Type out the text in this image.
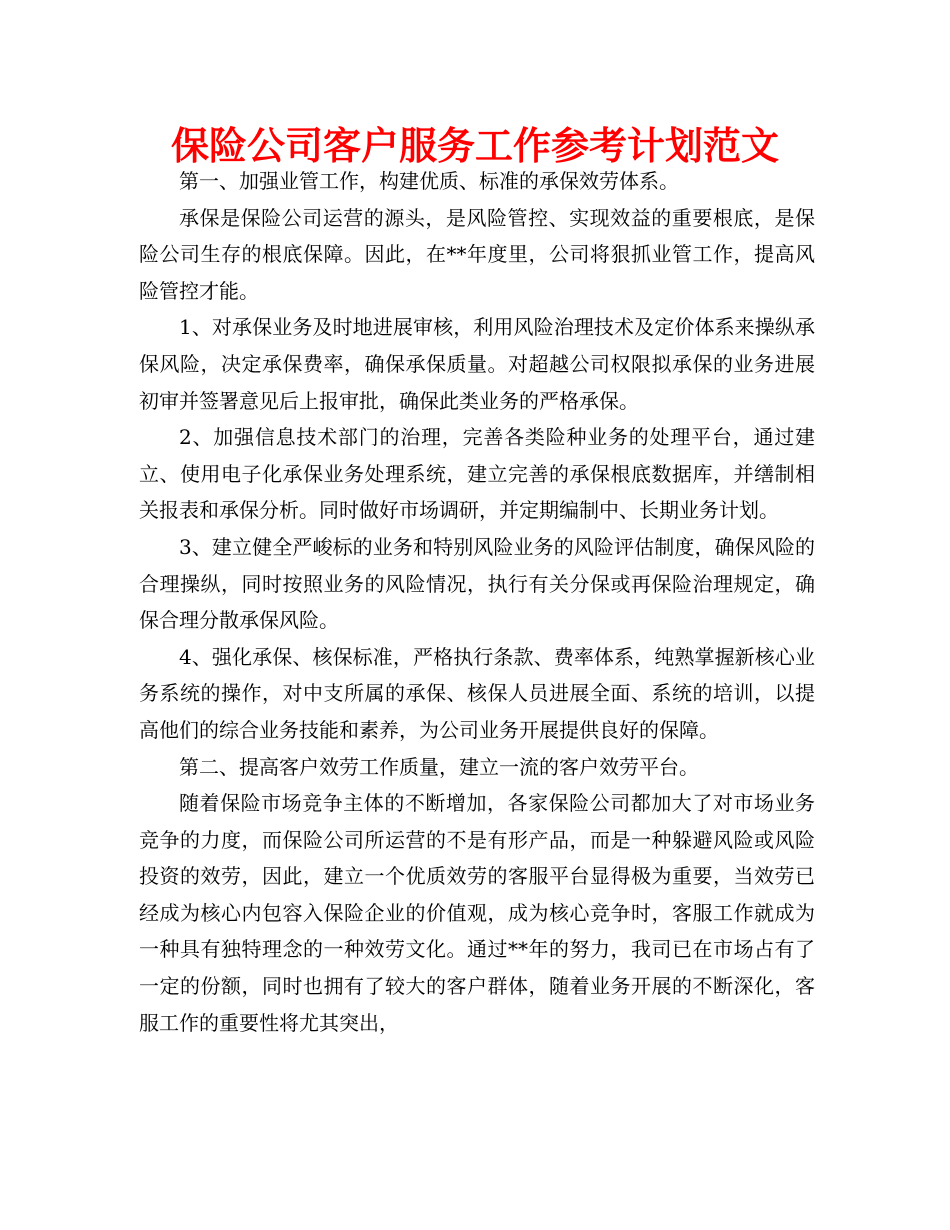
保险公司客户服务工作参考计划范文

第一、加强业管工作，构建优质、标准的承保效劳体系。

承保是保险公司运营的源头，是风险管控、实现效益的重要根底，是保险公司生存的根底保障。因此，在**年度里，公司将狠抓业管工作，提高风险管控才能。

1、对承保业务及时地进展审核，利用风险治理技术及定价体系来操纵承保风险，决定承保费率，确保承保质量。对超越公司权限拟承保的业务进展初审并签署意见后上报审批，确保此类业务的严格承保。

2、加强信息技术部门的治理，完善各类险种业务的处理平台，通过建立、使用电子化承保业务处理系统，建立完善的承保根底数据库，并缮制相关报表和承保分析。同时做好市场调研，并定期编制中、长期业务计划。

3、建立健全严峻标的业务和特别风险业务的风险评估制度，确保风险的合理操纵，同时按照业务的风险情况，执行有关分保或再保险治理规定，确保合理分散承保风险。

4、强化承保、核保标准，严格执行条款、费率体系，纯熟掌握新核心业务系统的操作，对中支所属的承保、核保人员进展全面、系统的培训，以提高他们的综合业务技能和素养，为公司业务开展提供良好的保障。

第二、提高客户效劳工作质量，建立一流的客户效劳平台。

随着保险市场竞争主体的不断增加，各家保险公司都加大了对市场业务竞争的力度，而保险公司所运营的不是有形产品，而是一种躲避风险或风险投资的效劳，因此，建立一个优质效劳的客服平台显得极为重要，当效劳已经成为核心内包容入保险企业的价值观，成为核心竞争时，客服工作就成为一种具有独特理念的一种效劳文化。通过**年的努力，我司已在市场占有了一定的份额，同时也拥有了较大的客户群体，随着业务开展的不断深化，客服工作的重要性将尤其突出，
